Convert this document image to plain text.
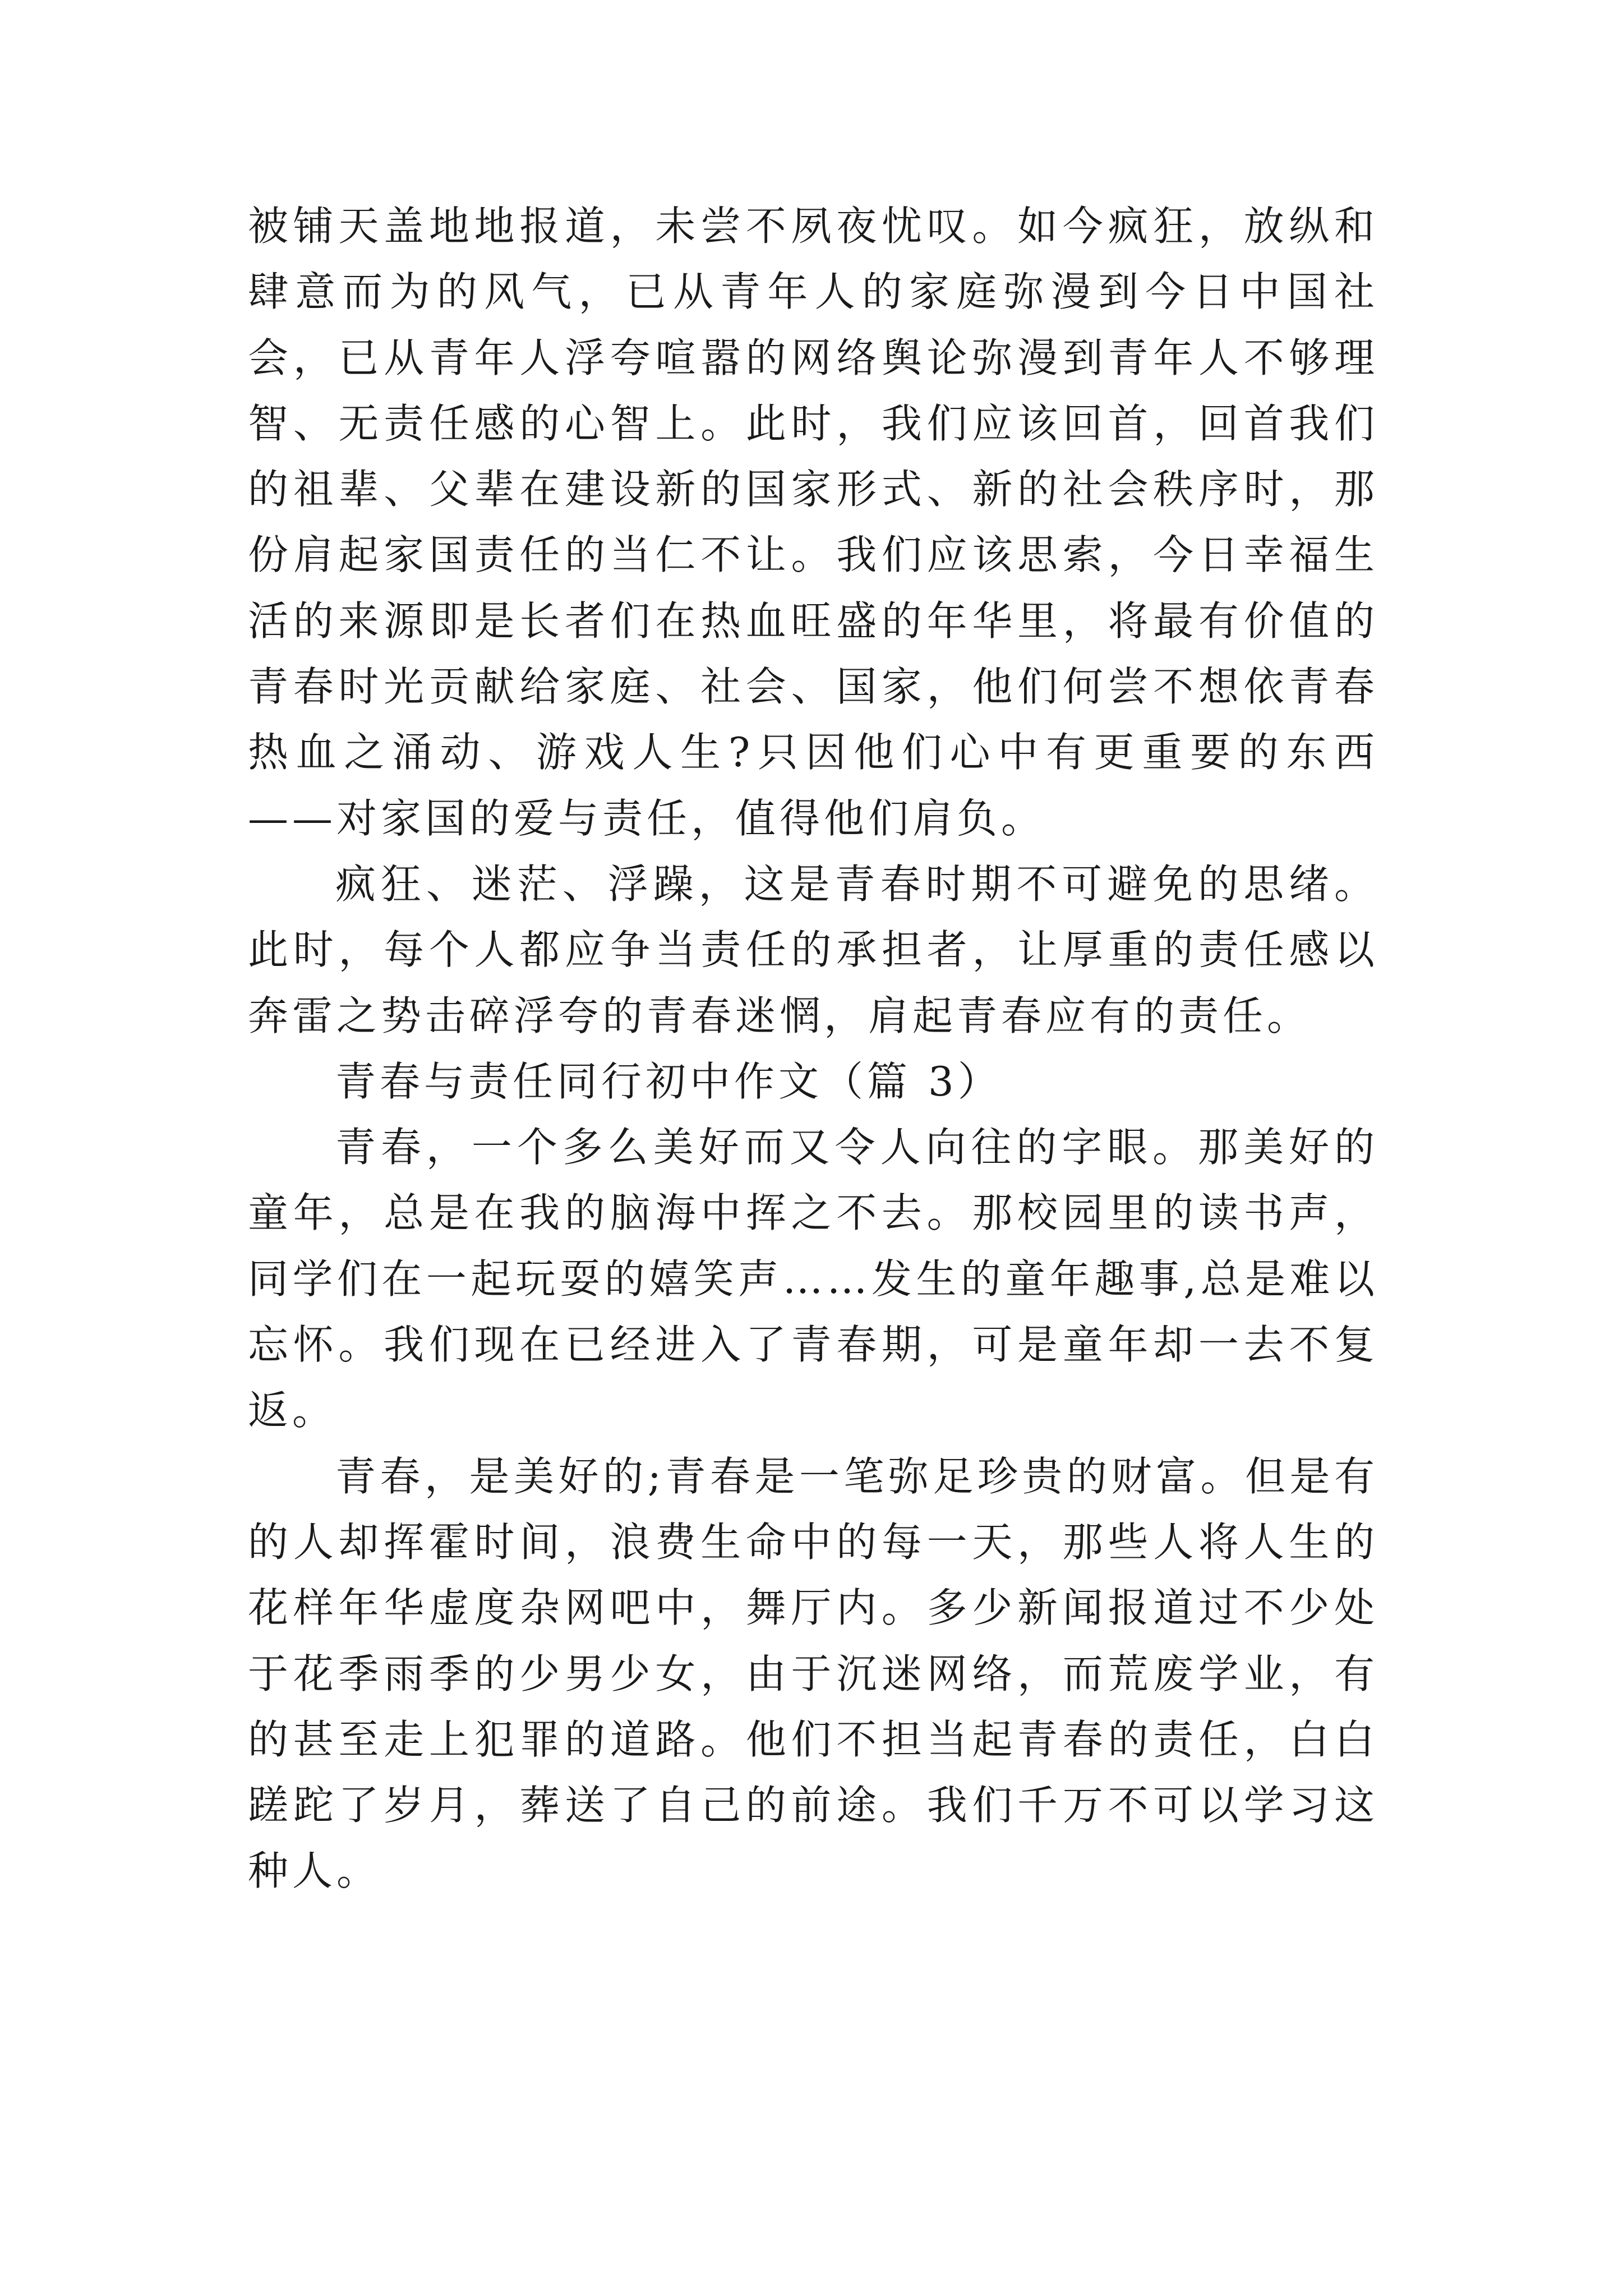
被铺天盖地地报道，未尝不夙夜忧叹。如今疯狂，放纵和肆意而为的风气，已从青年人的家庭弥漫到今日中国社会，已从青年人浮夸喧嚣的网络舆论弥漫到青年人不够理智、无责任感的心智上。此时，我们应该回首，回首我们的祖辈、父辈在建设新的国家形式、新的社会秩序时，那份肩起家国责任的当仁不让。我们应该思索，今日幸福生活的来源即是长者们在热血旺盛的年华里，将最有价值的青春时光贡献给家庭、社会、国家，他们何尝不想依青春热血之涌动、游戏人生?只因他们心中有更重要的东西——对家国的爱与责任，值得他们肩负。

疯狂、迷茫、浮躁，这是青春时期不可避免的思绪。此时，每个人都应争当责任的承担者，让厚重的责任感以奔雷之势击碎浮夸的青春迷惘，肩起青春应有的责任。

青春与责任同行初中作文（篇 3）

青春，一个多么美好而又令人向往的字眼。那美好的童年，总是在我的脑海中挥之不去。那校园里的读书声，同学们在一起玩耍的嬉笑声……发生的童年趣事,总是难以忘怀。我们现在已经进入了青春期，可是童年却一去不复返。

青春，是美好的;青春是一笔弥足珍贵的财富。但是有的人却挥霍时间，浪费生命中的每一天，那些人将人生的花样年华虚度杂网吧中，舞厅内。多少新闻报道过不少处于花季雨季的少男少女，由于沉迷网络，而荒废学业，有的甚至走上犯罪的道路。他们不担当起青春的责任，白白蹉跎了岁月，葬送了自己的前途。我们千万不可以学习这种人。
